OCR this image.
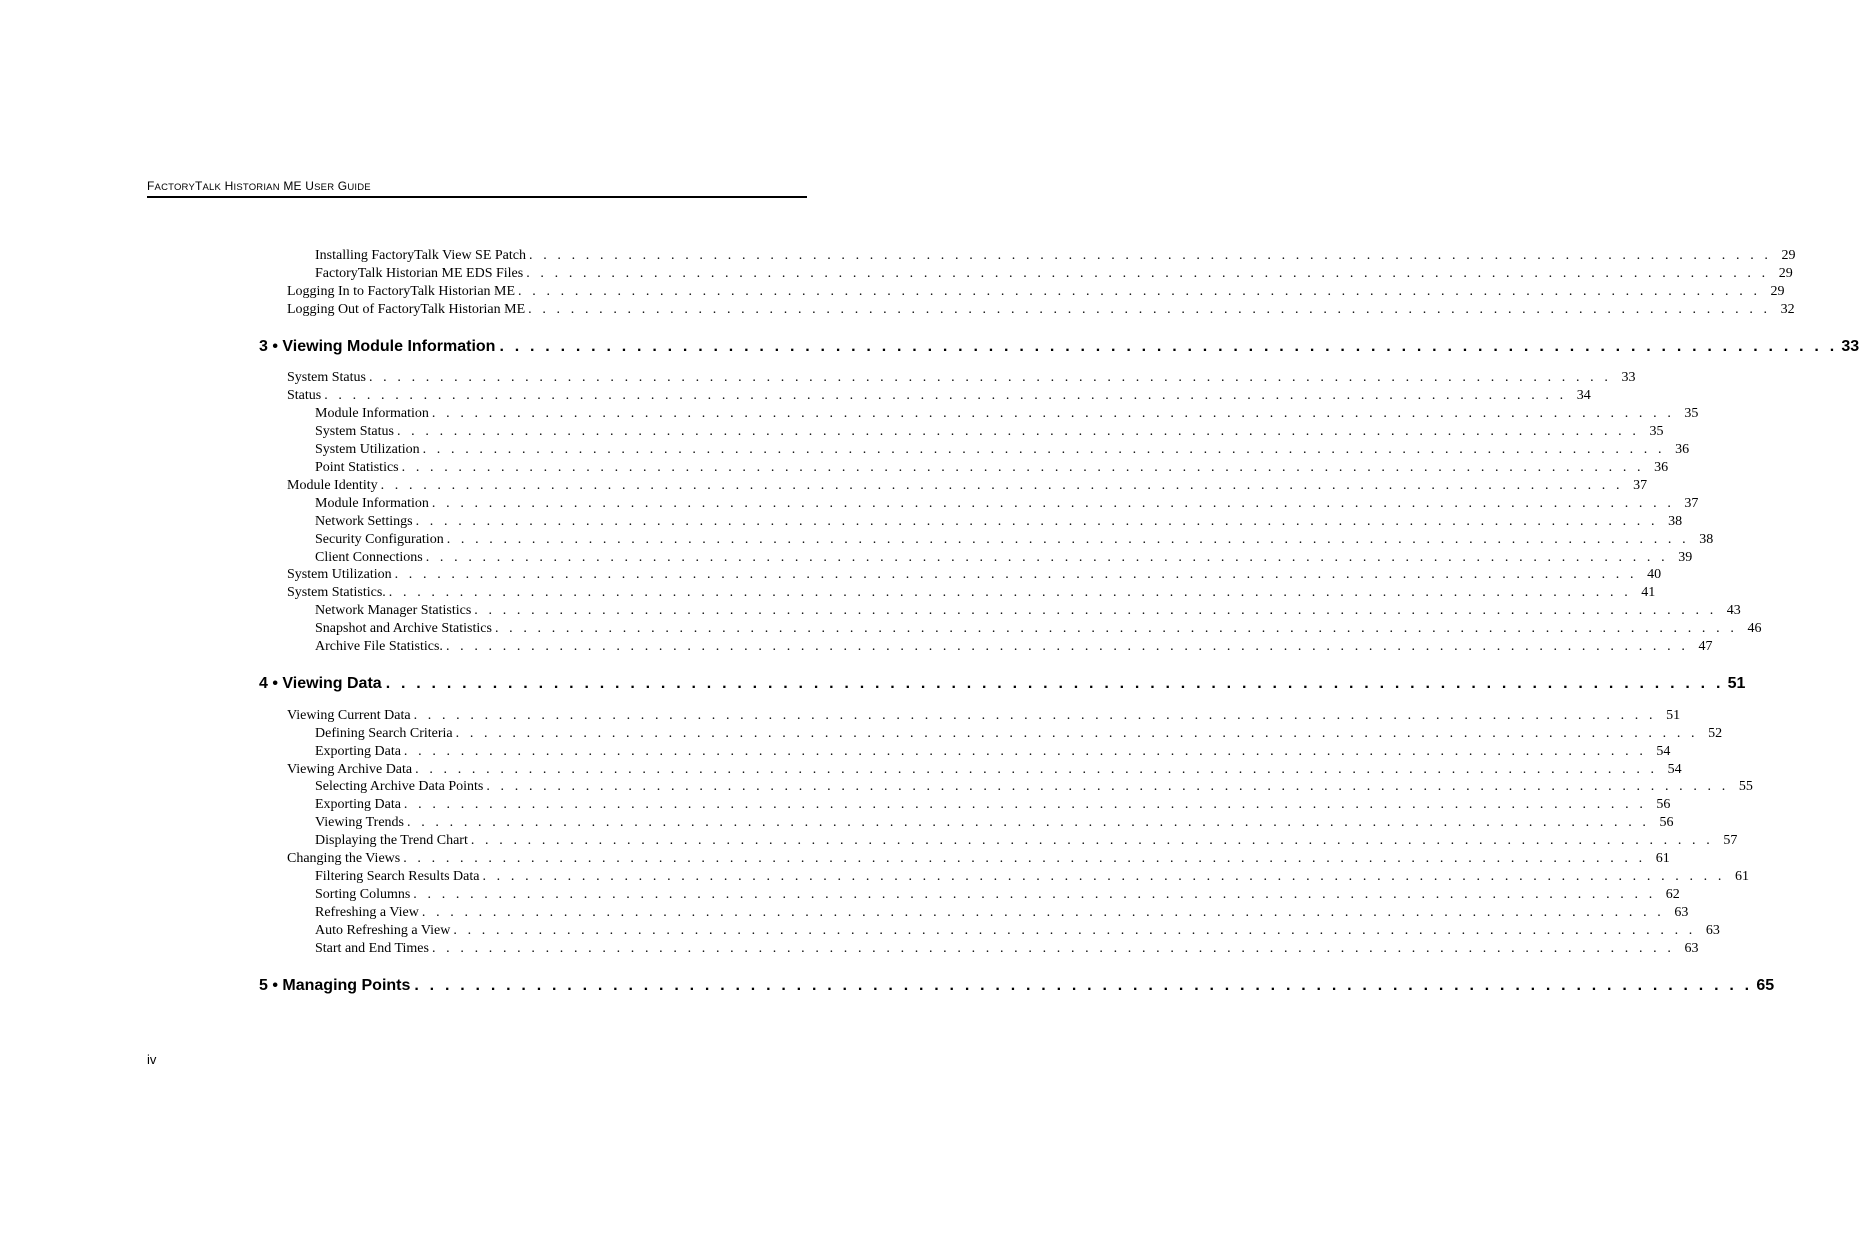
FACTORYTALK HISTORIAN ME USER GUIDE
Installing FactoryTalk View SE Patch . . . . . . . . . . . . . . . . . . . . . . . . . . . . . . . . . . . . . . . . . . . . . . . . . . . . . . . . . . . . . . . . . . . . . . . . . . . . . . . . . . . . . . . . 29
FactoryTalk Historian ME EDS Files . . . . . . . . . . . . . . . . . . . . . . . . . . . . . . . . . . . . . . . . . . . . . . . . . . . . . . . . . . . . . . . . . . . . . . . . . . . . . . . . . . . . . . . . 29
Logging In to FactoryTalk Historian ME . . . . . . . . . . . . . . . . . . . . . . . . . . . . . . . . . . . . . . . . . . . . . . . . . . . . . . . . . . . . . . . . . . . . . . . . . . . . . . . . . . . . . . . . 29
Logging Out of FactoryTalk Historian ME . . . . . . . . . . . . . . . . . . . . . . . . . . . . . . . . . . . . . . . . . . . . . . . . . . . . . . . . . . . . . . . . . . . . . . . . . . . . . . . . . . . . . . . . 32
3 • Viewing Module Information . . . . . . . . . . . . . . . . . . . . . . . . . . . . . . . . . . . . . . . . . . . . . . . . . . . . . . . . . . . . . . . . . . . . . . . . . . . . . . . . . . . . . . . . 33
System Status . . . . . . . . . . . . . . . . . . . . . . . . . . . . . . . . . . . . . . . . . . . . . . . . . . . . . . . . . . . . . . . . . . . . . . . . . . . . . . . . . . . . . . . . 33
Status . . . . . . . . . . . . . . . . . . . . . . . . . . . . . . . . . . . . . . . . . . . . . . . . . . . . . . . . . . . . . . . . . . . . . . . . . . . . . . . . . . . . . . . . 34
Module Information . . . . . . . . . . . . . . . . . . . . . . . . . . . . . . . . . . . . . . . . . . . . . . . . . . . . . . . . . . . . . . . . . . . . . . . . . . . . . . . . . . . . . . . . 35
System Status . . . . . . . . . . . . . . . . . . . . . . . . . . . . . . . . . . . . . . . . . . . . . . . . . . . . . . . . . . . . . . . . . . . . . . . . . . . . . . . . . . . . . . . . 35
System Utilization . . . . . . . . . . . . . . . . . . . . . . . . . . . . . . . . . . . . . . . . . . . . . . . . . . . . . . . . . . . . . . . . . . . . . . . . . . . . . . . . . . . . . . . . 36
Point Statistics . . . . . . . . . . . . . . . . . . . . . . . . . . . . . . . . . . . . . . . . . . . . . . . . . . . . . . . . . . . . . . . . . . . . . . . . . . . . . . . . . . . . . . . . 36
Module Identity . . . . . . . . . . . . . . . . . . . . . . . . . . . . . . . . . . . . . . . . . . . . . . . . . . . . . . . . . . . . . . . . . . . . . . . . . . . . . . . . . . . . . . . . 37
Module Information . . . . . . . . . . . . . . . . . . . . . . . . . . . . . . . . . . . . . . . . . . . . . . . . . . . . . . . . . . . . . . . . . . . . . . . . . . . . . . . . . . . . . . . . 37
Network Settings . . . . . . . . . . . . . . . . . . . . . . . . . . . . . . . . . . . . . . . . . . . . . . . . . . . . . . . . . . . . . . . . . . . . . . . . . . . . . . . . . . . . . . . . 38
Security Configuration . . . . . . . . . . . . . . . . . . . . . . . . . . . . . . . . . . . . . . . . . . . . . . . . . . . . . . . . . . . . . . . . . . . . . . . . . . . . . . . . . . . . . . . . 38
Client Connections . . . . . . . . . . . . . . . . . . . . . . . . . . . . . . . . . . . . . . . . . . . . . . . . . . . . . . . . . . . . . . . . . . . . . . . . . . . . . . . . . . . . . . . . 39
System Utilization . . . . . . . . . . . . . . . . . . . . . . . . . . . . . . . . . . . . . . . . . . . . . . . . . . . . . . . . . . . . . . . . . . . . . . . . . . . . . . . . . . . . . . . . 40
System Statistics. . . . . . . . . . . . . . . . . . . . . . . . . . . . . . . . . . . . . . . . . . . . . . . . . . . . . . . . . . . . . . . . . . . . . . . . . . . . . . . . . . . . . . . . . 41
Network Manager Statistics . . . . . . . . . . . . . . . . . . . . . . . . . . . . . . . . . . . . . . . . . . . . . . . . . . . . . . . . . . . . . . . . . . . . . . . . . . . . . . . . . . . . . . . . 43
Snapshot and Archive Statistics . . . . . . . . . . . . . . . . . . . . . . . . . . . . . . . . . . . . . . . . . . . . . . . . . . . . . . . . . . . . . . . . . . . . . . . . . . . . . . . . . . . . . . . . 46
Archive File Statistics. . . . . . . . . . . . . . . . . . . . . . . . . . . . . . . . . . . . . . . . . . . . . . . . . . . . . . . . . . . . . . . . . . . . . . . . . . . . . . . . . . . . . . . . . 47
4 • Viewing Data . . . . . . . . . . . . . . . . . . . . . . . . . . . . . . . . . . . . . . . . . . . . . . . . . . . . . . . . . . . . . . . . . . . . . . . . . . . . . . . . . . . . . . . . 51
Viewing Current Data . . . . . . . . . . . . . . . . . . . . . . . . . . . . . . . . . . . . . . . . . . . . . . . . . . . . . . . . . . . . . . . . . . . . . . . . . . . . . . . . . . . . . . . . 51
Defining Search Criteria . . . . . . . . . . . . . . . . . . . . . . . . . . . . . . . . . . . . . . . . . . . . . . . . . . . . . . . . . . . . . . . . . . . . . . . . . . . . . . . . . . . . . . . . 52
Exporting Data . . . . . . . . . . . . . . . . . . . . . . . . . . . . . . . . . . . . . . . . . . . . . . . . . . . . . . . . . . . . . . . . . . . . . . . . . . . . . . . . . . . . . . . . 54
Viewing Archive Data . . . . . . . . . . . . . . . . . . . . . . . . . . . . . . . . . . . . . . . . . . . . . . . . . . . . . . . . . . . . . . . . . . . . . . . . . . . . . . . . . . . . . . . . 54
Selecting Archive Data Points . . . . . . . . . . . . . . . . . . . . . . . . . . . . . . . . . . . . . . . . . . . . . . . . . . . . . . . . . . . . . . . . . . . . . . . . . . . . . . . . . . . . . . . . 55
Exporting Data . . . . . . . . . . . . . . . . . . . . . . . . . . . . . . . . . . . . . . . . . . . . . . . . . . . . . . . . . . . . . . . . . . . . . . . . . . . . . . . . . . . . . . . . 56
Viewing Trends . . . . . . . . . . . . . . . . . . . . . . . . . . . . . . . . . . . . . . . . . . . . . . . . . . . . . . . . . . . . . . . . . . . . . . . . . . . . . . . . . . . . . . . . 56
Displaying the Trend Chart . . . . . . . . . . . . . . . . . . . . . . . . . . . . . . . . . . . . . . . . . . . . . . . . . . . . . . . . . . . . . . . . . . . . . . . . . . . . . . . . . . . . . . . . 57
Changing the Views . . . . . . . . . . . . . . . . . . . . . . . . . . . . . . . . . . . . . . . . . . . . . . . . . . . . . . . . . . . . . . . . . . . . . . . . . . . . . . . . . . . . . . . . 61
Filtering Search Results Data . . . . . . . . . . . . . . . . . . . . . . . . . . . . . . . . . . . . . . . . . . . . . . . . . . . . . . . . . . . . . . . . . . . . . . . . . . . . . . . . . . . . . . . . 61
Sorting Columns . . . . . . . . . . . . . . . . . . . . . . . . . . . . . . . . . . . . . . . . . . . . . . . . . . . . . . . . . . . . . . . . . . . . . . . . . . . . . . . . . . . . . . . . 62
Refreshing a View . . . . . . . . . . . . . . . . . . . . . . . . . . . . . . . . . . . . . . . . . . . . . . . . . . . . . . . . . . . . . . . . . . . . . . . . . . . . . . . . . . . . . . . . 63
Auto Refreshing a View . . . . . . . . . . . . . . . . . . . . . . . . . . . . . . . . . . . . . . . . . . . . . . . . . . . . . . . . . . . . . . . . . . . . . . . . . . . . . . . . . . . . . . . . 63
Start and End Times . . . . . . . . . . . . . . . . . . . . . . . . . . . . . . . . . . . . . . . . . . . . . . . . . . . . . . . . . . . . . . . . . . . . . . . . . . . . . . . . . . . . . . . . 63
5 • Managing Points . . . . . . . . . . . . . . . . . . . . . . . . . . . . . . . . . . . . . . . . . . . . . . . . . . . . . . . . . . . . . . . . . . . . . . . . . . . . . . . . . . . . . . . . 65
iv
